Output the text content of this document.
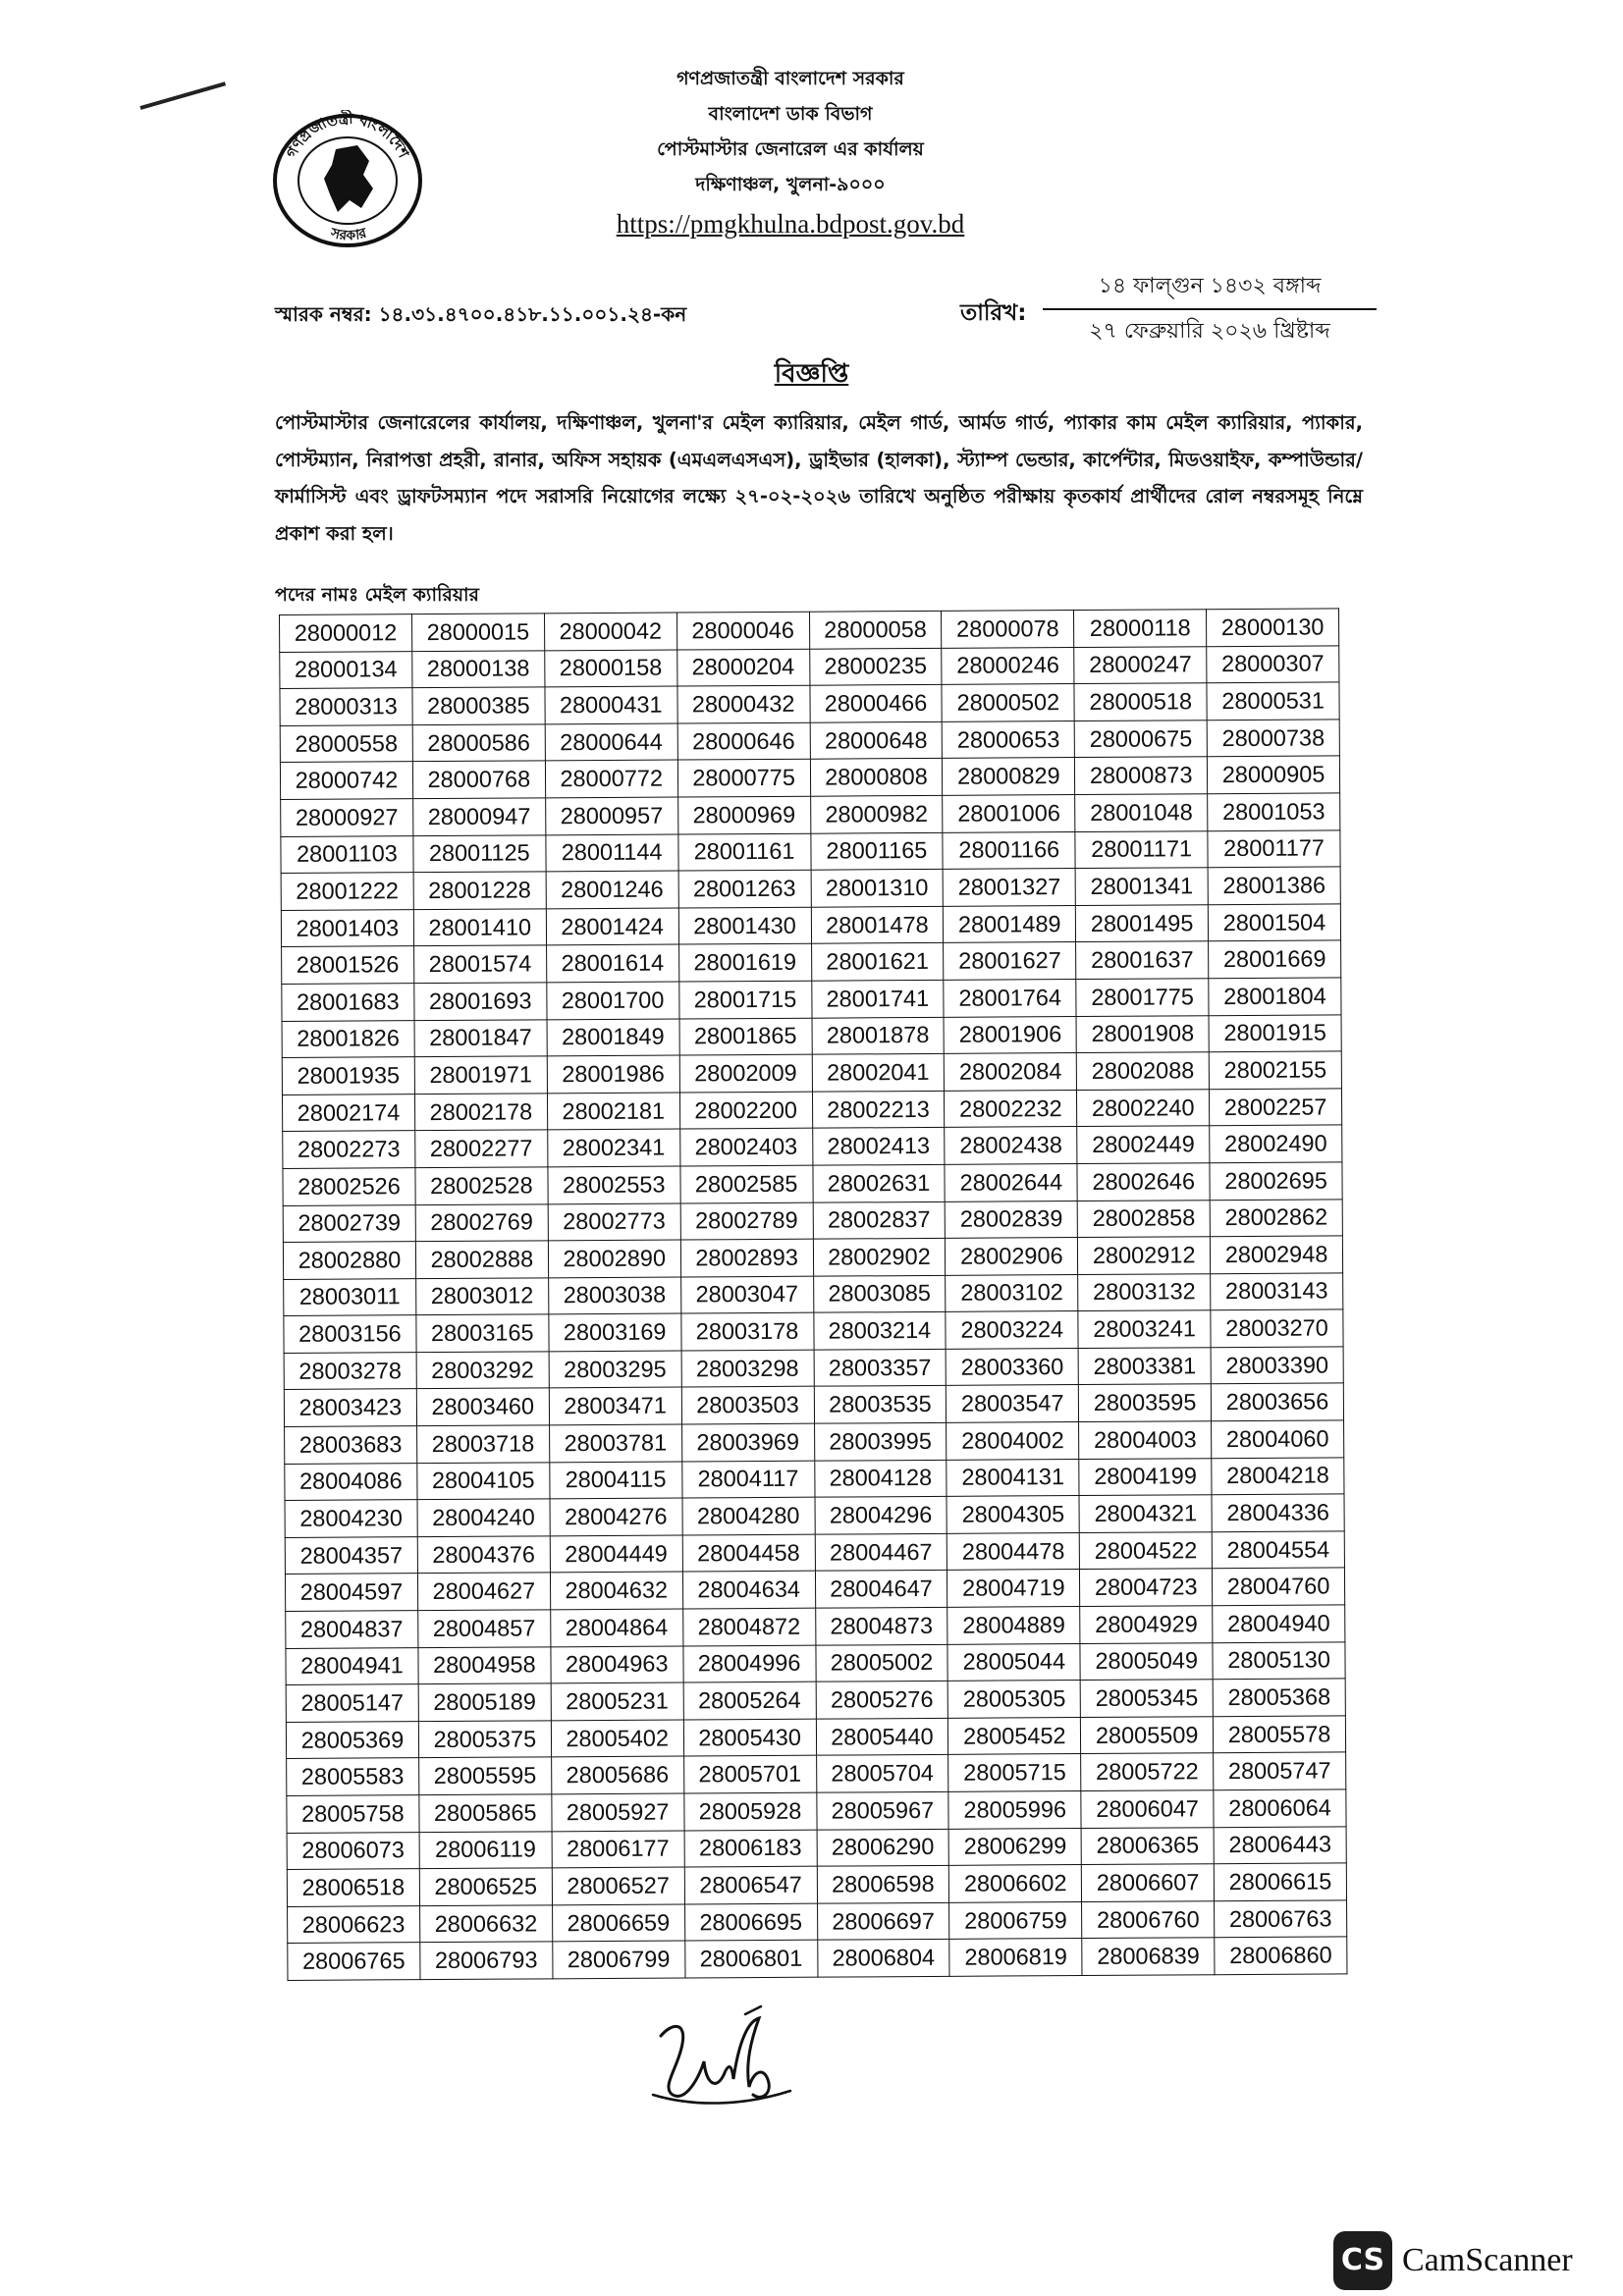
গণপ্রজাতন্ত্রী বাংলাদেশ
সরকার
গণপ্রজাতন্ত্রী বাংলাদেশ সরকার
বাংলাদেশ ডাক বিভাগ
পোস্টমাস্টার জেনারেল এর কার্যালয়
দক্ষিণাঞ্চল, খুলনা-৯০০০
https://pmgkhulna.bdpost.gov.bd
স্মারক নম্বর: ১৪.৩১.৪৭০০.৪১৮.১১.০০১.২৪-কন	তারিখ:
১৪ ফাল্গুন ১৪৩২ বঙ্গাব্দ
২৭ ফেব্রুয়ারি ২০২৬ খ্রিষ্টাব্দ
বিজ্ঞপ্তি
পোস্টমাস্টার জেনারেলের কার্যালয়, দক্ষিণাঞ্চল, খুলনা'র মেইল ক্যারিয়ার, মেইল গার্ড, আর্মড গার্ড, প্যাকার কাম মেইল ক্যারিয়ার, প্যাকার, পোস্টম্যান, নিরাপত্তা প্রহরী, রানার, অফিস সহায়ক (এমএলএসএস), ড্রাইভার (হালকা), স্ট্যাম্প ভেন্ডার, কার্পেন্টার, মিডওয়াইফ, কম্পাউন্ডার/ফার্মাসিস্ট এবং ড্রাফটসম্যান পদে সরাসরি নিয়োগের লক্ষ্যে ২৭-০২-২০২৬ তারিখে অনুষ্ঠিত পরীক্ষায় কৃতকার্য প্রার্থীদের রোল নম্বরসমূহ নিম্নে প্রকাশ করা হল।
পদের নামঃ মেইল ক্যারিয়ার
28000012	28000015	28000042	28000046	28000058	28000078	28000118	28000130
28000134	28000138	28000158	28000204	28000235	28000246	28000247	28000307
28000313	28000385	28000431	28000432	28000466	28000502	28000518	28000531
28000558	28000586	28000644	28000646	28000648	28000653	28000675	28000738
28000742	28000768	28000772	28000775	28000808	28000829	28000873	28000905
28000927	28000947	28000957	28000969	28000982	28001006	28001048	28001053
28001103	28001125	28001144	28001161	28001165	28001166	28001171	28001177
28001222	28001228	28001246	28001263	28001310	28001327	28001341	28001386
28001403	28001410	28001424	28001430	28001478	28001489	28001495	28001504
28001526	28001574	28001614	28001619	28001621	28001627	28001637	28001669
28001683	28001693	28001700	28001715	28001741	28001764	28001775	28001804
28001826	28001847	28001849	28001865	28001878	28001906	28001908	28001915
28001935	28001971	28001986	28002009	28002041	28002084	28002088	28002155
28002174	28002178	28002181	28002200	28002213	28002232	28002240	28002257
28002273	28002277	28002341	28002403	28002413	28002438	28002449	28002490
28002526	28002528	28002553	28002585	28002631	28002644	28002646	28002695
28002739	28002769	28002773	28002789	28002837	28002839	28002858	28002862
28002880	28002888	28002890	28002893	28002902	28002906	28002912	28002948
28003011	28003012	28003038	28003047	28003085	28003102	28003132	28003143
28003156	28003165	28003169	28003178	28003214	28003224	28003241	28003270
28003278	28003292	28003295	28003298	28003357	28003360	28003381	28003390
28003423	28003460	28003471	28003503	28003535	28003547	28003595	28003656
28003683	28003718	28003781	28003969	28003995	28004002	28004003	28004060
28004086	28004105	28004115	28004117	28004128	28004131	28004199	28004218
28004230	28004240	28004276	28004280	28004296	28004305	28004321	28004336
28004357	28004376	28004449	28004458	28004467	28004478	28004522	28004554
28004597	28004627	28004632	28004634	28004647	28004719	28004723	28004760
28004837	28004857	28004864	28004872	28004873	28004889	28004929	28004940
28004941	28004958	28004963	28004996	28005002	28005044	28005049	28005130
28005147	28005189	28005231	28005264	28005276	28005305	28005345	28005368
28005369	28005375	28005402	28005430	28005440	28005452	28005509	28005578
28005583	28005595	28005686	28005701	28005704	28005715	28005722	28005747
28005758	28005865	28005927	28005928	28005967	28005996	28006047	28006064
28006073	28006119	28006177	28006183	28006290	28006299	28006365	28006443
28006518	28006525	28006527	28006547	28006598	28006602	28006607	28006615
28006623	28006632	28006659	28006695	28006697	28006759	28006760	28006763
28006765	28006793	28006799	28006801	28006804	28006819	28006839	28006860
CS CamScanner
